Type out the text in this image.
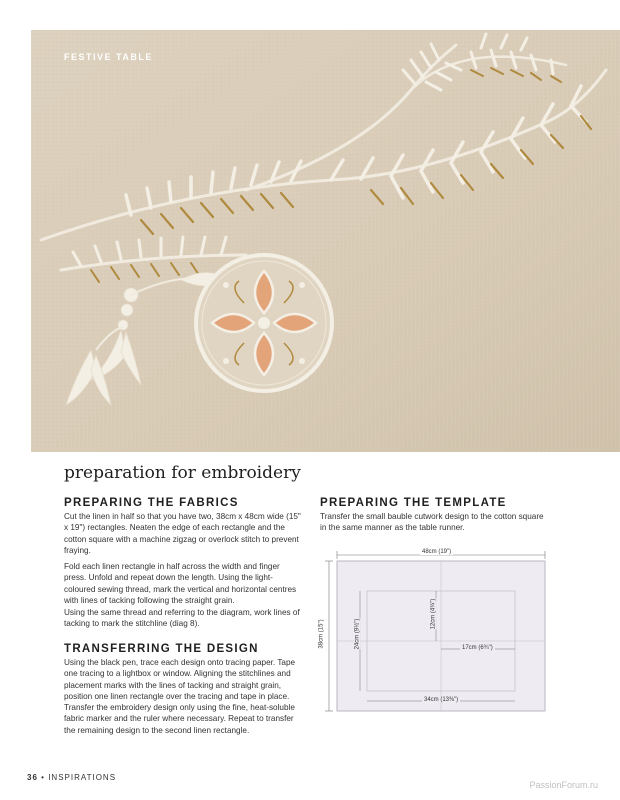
FESTIVE TABLE
preparation for embroidery
PREPARING THE FABRICS

Cut the linen in half so that you have two, 38cm x 48cm wide (15" x 19") rectangles. Neaten the edge of each rectangle and the cotton square with a machine zigzag or overlock stitch to prevent fraying.

Fold each linen rectangle in half across the width and finger press. Unfold and repeat down the length. Using the light-coloured sewing thread, mark the vertical and horizontal centres with lines of tacking following the straight grain.

Using the same thread and referring to the diagram, work lines of tacking to mark the stitchline (diag 8).

TRANSFERRING THE DESIGN

Using the black pen, trace each design onto tracing paper. Tape one tracing to a lightbox or window. Aligning the stitchlines and placement marks with the lines of tacking and straight grain, position one linen rectangle over the tracing and tape in place. Transfer the embroidery design only using the fine, heat-soluble fabric marker and the ruler where necessary. Repeat to transfer the remaining design to the second linen rectangle.

PREPARING THE TEMPLATE

Transfer the small bauble cutwork design to the cotton square in the same manner as the table runner.

48cm (19")
38cm (15")	24cm (9½")
12cm (4¾")
17cm (6¾")
34cm (13⅜")
36 • INSPIRATIONS
PassionForum.ru
